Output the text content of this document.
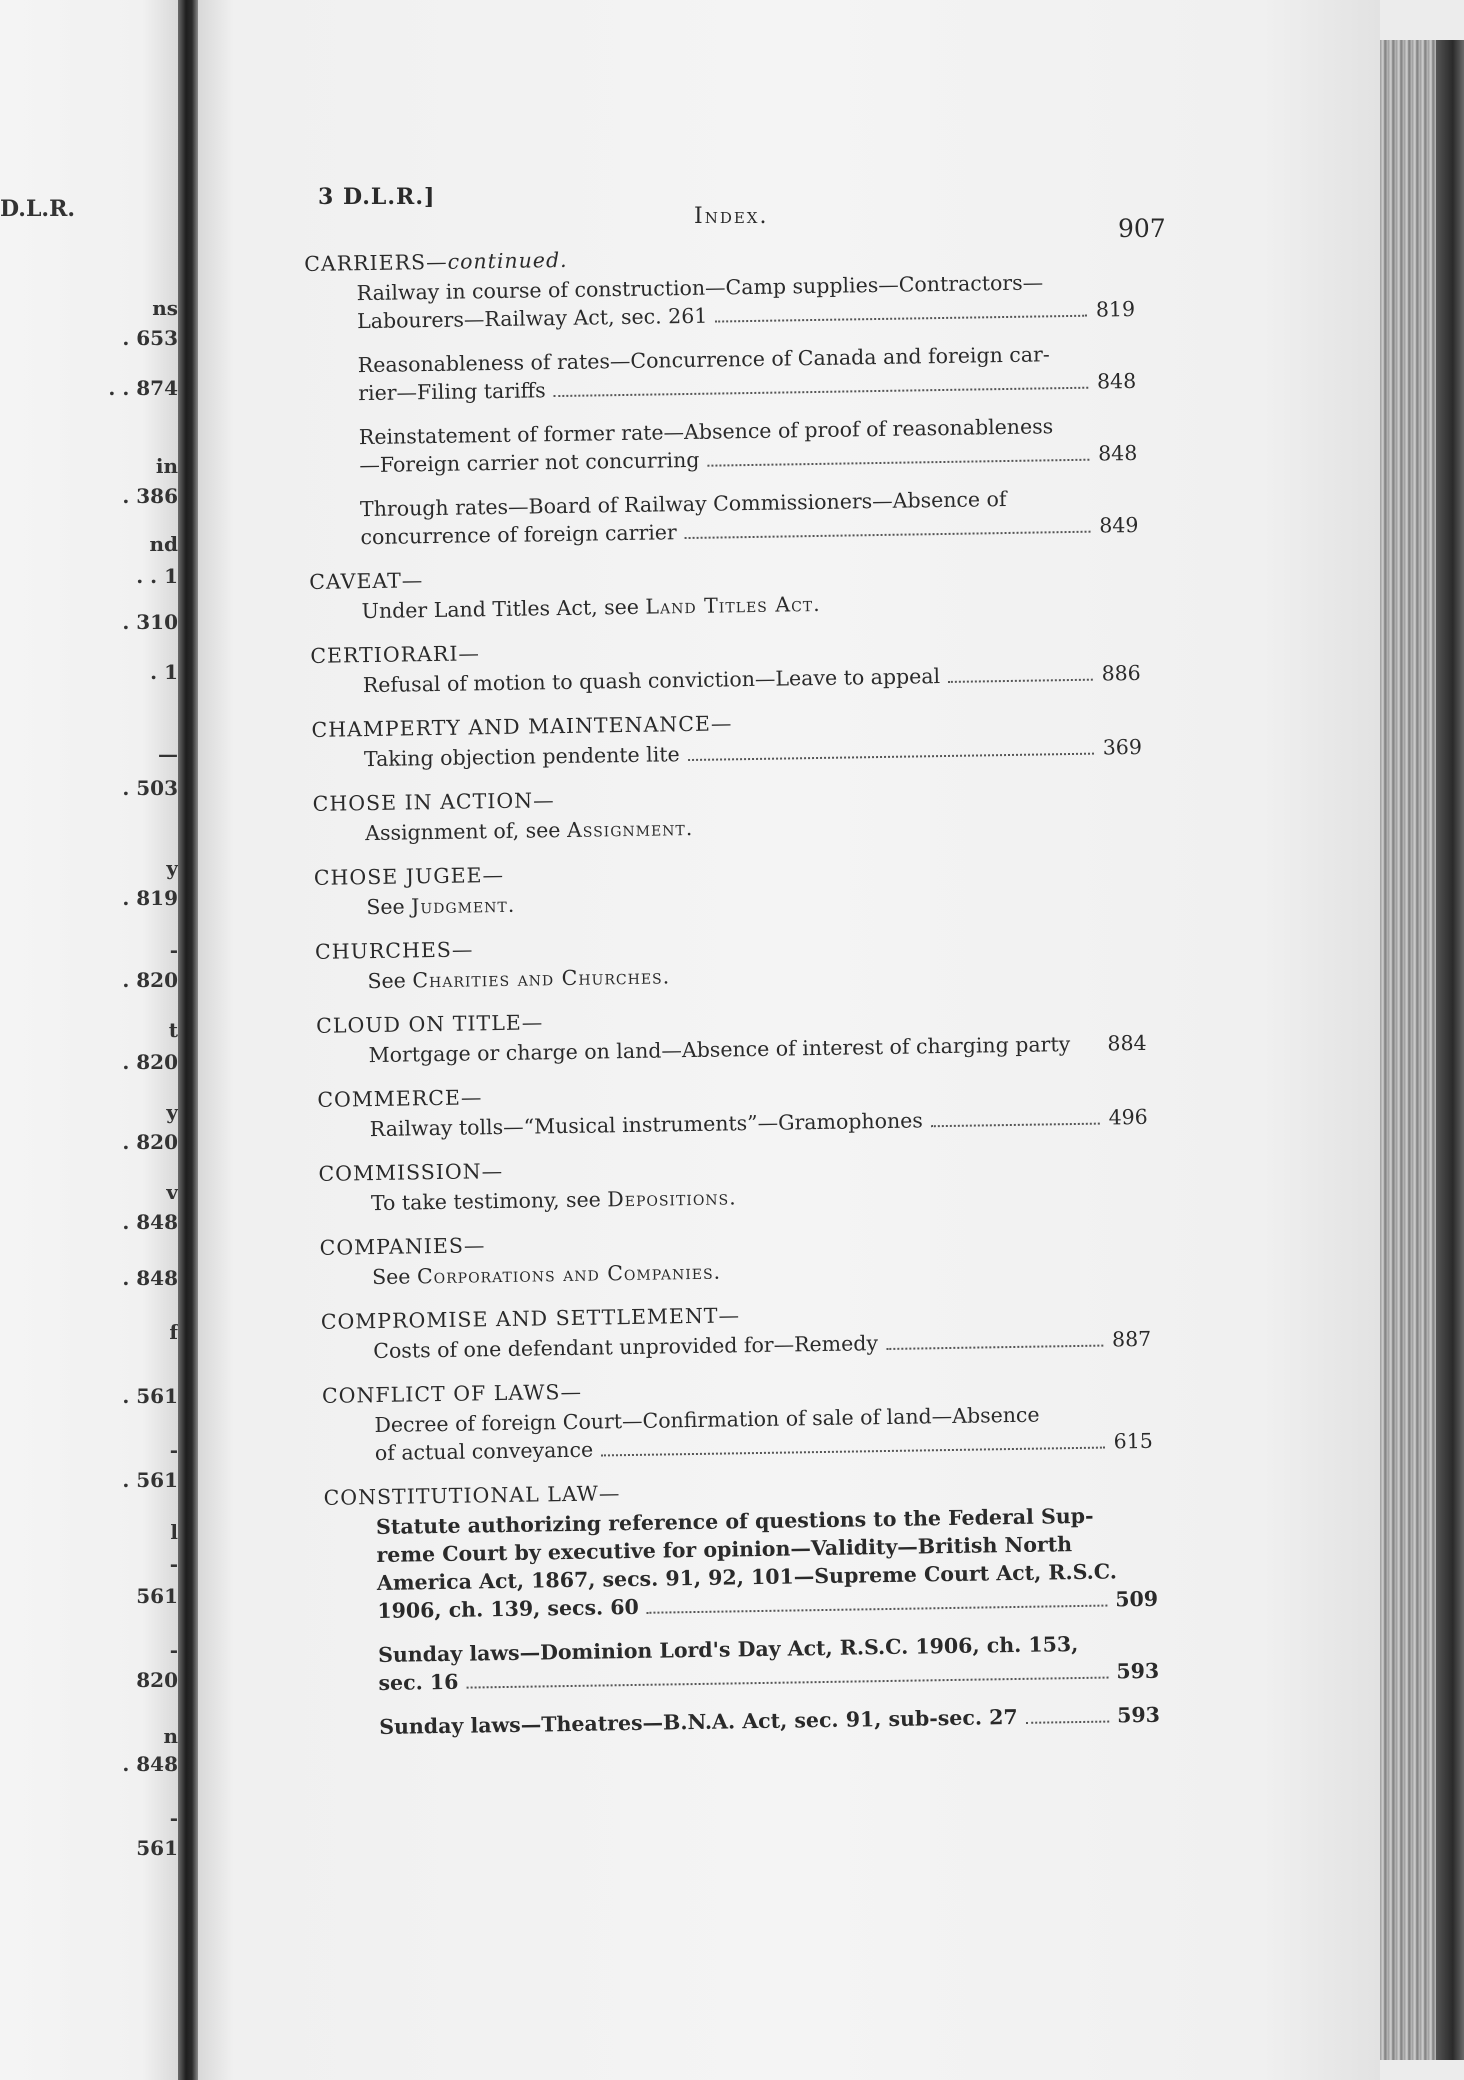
D.L.R.
ns
. 653
. . 874
in
. 386
nd
. . 1
. 310
. 1
—
. 503
y
. 819
-
. 820
t
. 820
y
. 820
v
. 848
. 848
f
. 561
-
. 561
l
-
561
-
820
n
. 848
-
561
3 D.L.R.]
Index.	907
CARRIERS—continued.
Railway in course of construction—Camp supplies—Contractors—
Labourers—Railway Act, sec. 261	819
Reasonableness of rates—Concurrence of Canada and foreign car-
rier—Filing tariffs	848
Reinstatement of former rate—Absence of proof of reasonableness
—Foreign carrier not concurring	848
Through rates—Board of Railway Commissioners—Absence of
concurrence of foreign carrier	849
CAVEAT—
Under Land Titles Act, see Land Titles Act.
CERTIORARI—
Refusal of motion to quash conviction—Leave to appeal	886
CHAMPERTY AND MAINTENANCE—
Taking objection pendente lite	369
CHOSE IN ACTION—
Assignment of, see Assignment.
CHOSE JUGEE—
See Judgment.
CHURCHES—
See Charities and Churches.
CLOUD ON TITLE—
Mortgage or charge on land—Absence of interest of charging party 884
COMMERCE—
Railway tolls—“Musical instruments”—Gramophones	496
COMMISSION—
To take testimony, see Depositions.
COMPANIES—
See Corporations and Companies.
COMPROMISE AND SETTLEMENT—
Costs of one defendant unprovided for—Remedy	887
CONFLICT OF LAWS—
Decree of foreign Court—Confirmation of sale of land—Absence
of actual conveyance	615
CONSTITUTIONAL LAW—
Statute authorizing reference of questions to the Federal Sup-
reme Court by executive for opinion—Validity—British North
America Act, 1867, secs. 91, 92, 101—Supreme Court Act, R.S.C.
1906, ch. 139, secs. 60	509
Sunday laws—Dominion Lord's Day Act, R.S.C. 1906, ch. 153,
sec. 16	593
Sunday laws—Theatres—B.N.A. Act, sec. 91, sub-sec. 27	593
